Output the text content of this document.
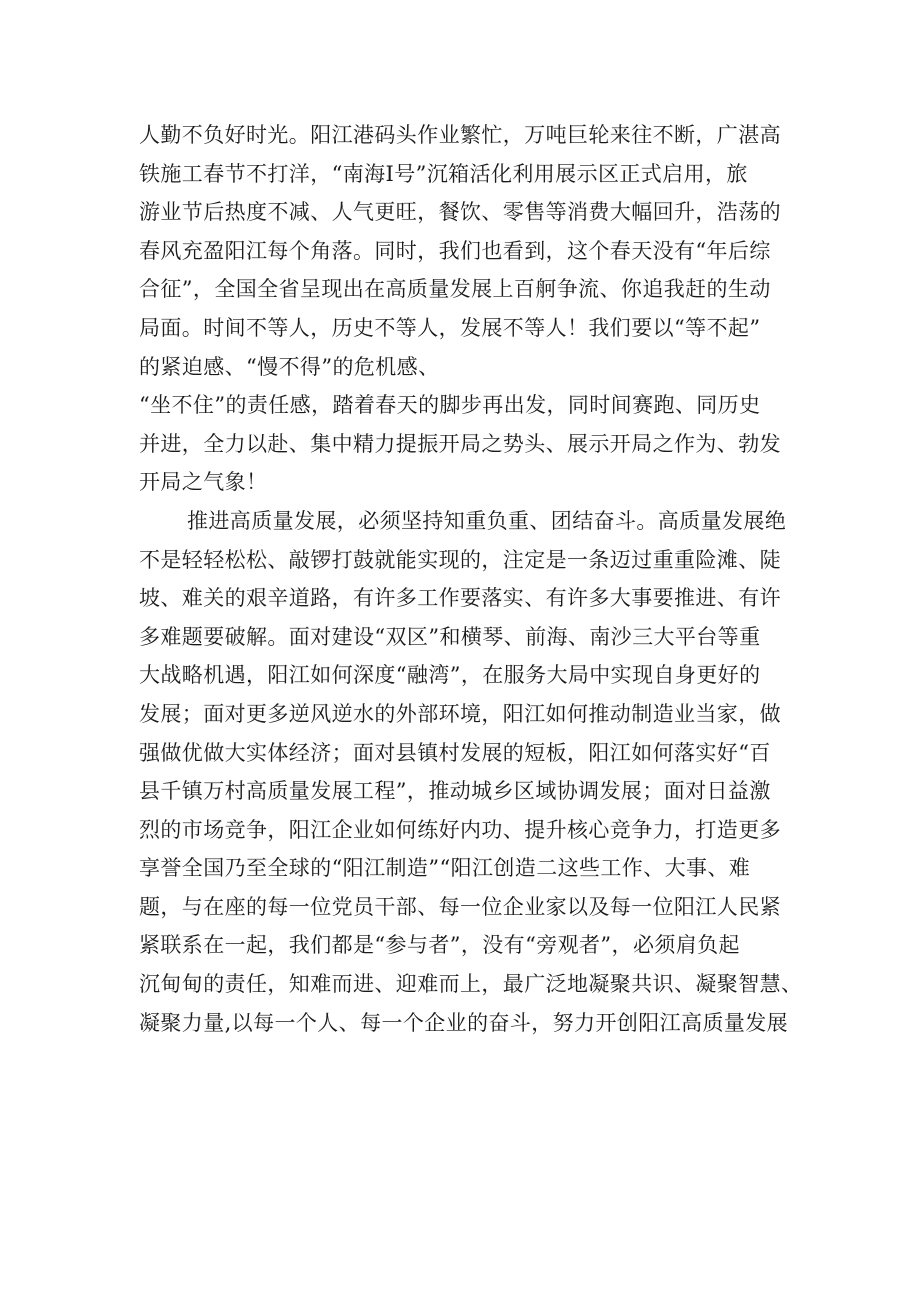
人勤不负好时光。阳江港码头作业繁忙，万吨巨轮来往不断，广湛高
铁施工春节不打洋，“南海Ⅰ号”沉箱活化利用展示区正式启用，旅
游业节后热度不减、人气更旺，餐饮、零售等消费大幅回升，浩荡的
春风充盈阳江每个角落。同时，我们也看到，这个春天没有“年后综
合征”，全国全省呈现出在高质量发展上百舸争流、你追我赶的生动
局面。时间不等人，历史不等人，发展不等人！我们要以“等不起”
的紧迫感、“慢不得”的危机感、
“坐不住”的责任感，踏着春天的脚步再出发，同时间赛跑、同历史
并进，全力以赴、集中精力提振开局之势头、展示开局之作为、勃发
开局之气象！
推进高质量发展，必须坚持知重负重、团结奋斗。高质量发展绝
不是轻轻松松、敲锣打鼓就能实现的，注定是一条迈过重重险滩、陡
坡、难关的艰辛道路，有许多工作要落实、有许多大事要推进、有许
多难题要破解。面对建设“双区”和横琴、前海、南沙三大平台等重
大战略机遇，阳江如何深度“融湾”，在服务大局中实现自身更好的
发展；面对更多逆风逆水的外部环境，阳江如何推动制造业当家，做
强做优做大实体经济；面对县镇村发展的短板，阳江如何落实好“百
县千镇万村高质量发展工程”，推动城乡区域协调发展；面对日益激
烈的市场竞争，阳江企业如何练好内功、提升核心竞争力，打造更多
享誉全国乃至全球的“阳江制造”“阳江创造二这些工作、大事、难
题，与在座的每一位党员干部、每一位企业家以及每一位阳江人民紧
紧联系在一起，我们都是“参与者”，没有“旁观者”，必须肩负起
沉甸甸的责任，知难而进、迎难而上，最广泛地凝聚共识、凝聚智慧、
凝聚力量,以每一个人、每一个企业的奋斗，努力开创阳江高质量发展
